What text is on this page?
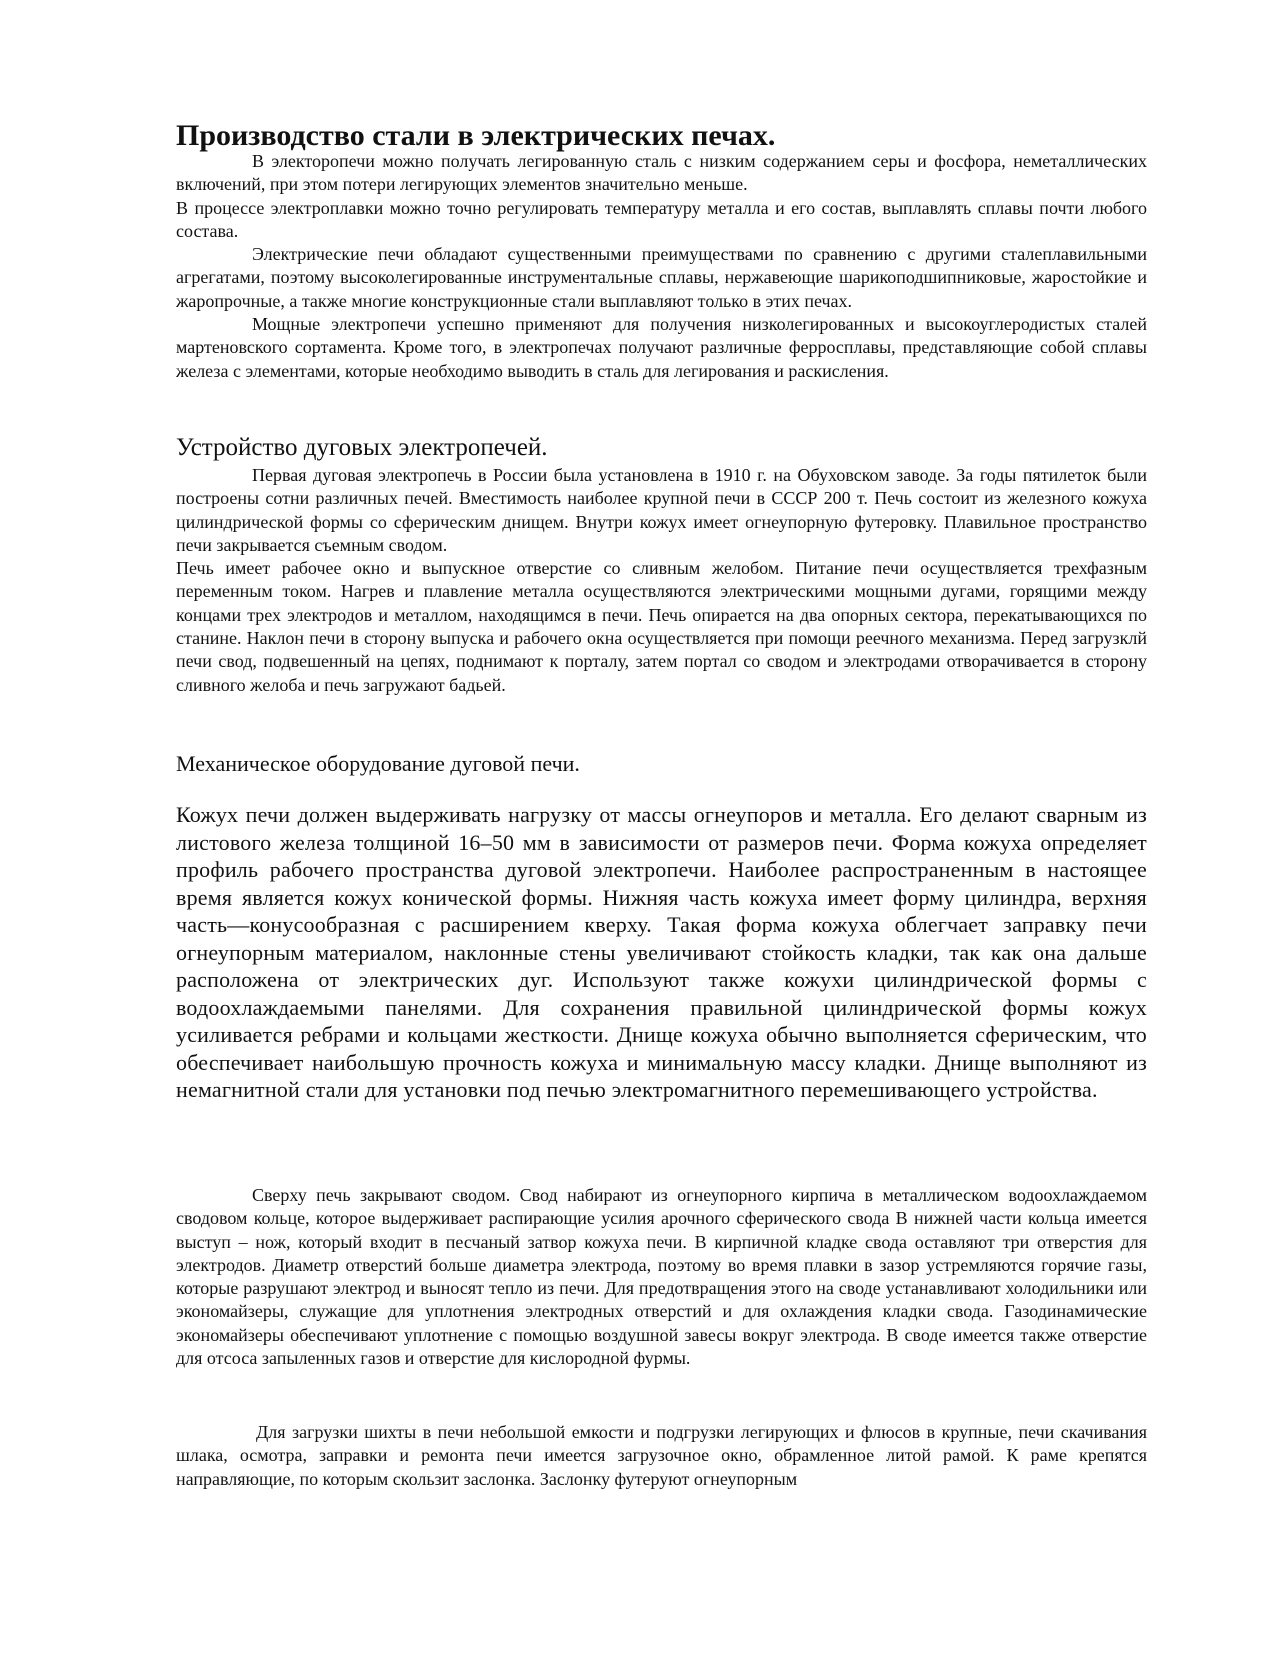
Производство стали в электрических печах.

В электоропечи можно получать легированную сталь с низким содержанием серы и фосфора, неметаллических включений, при этом потери легирующих элементов значительно меньше.

В процессе электроплавки можно точно регулировать температуру металла и его состав, выплавлять сплавы почти любого состава.

Электрические печи обладают существенными преимуществами по сравнению с другими сталеплавильными агрегатами, поэтому высоколегированные инструментальные сплавы, нержавеющие шарикоподшипниковые, жаростойкие и жаропрочные, а также многие конструкционные стали выплавляют только в этих печах.

Мощные электропечи успешно применяют для получения низколегированных и высокоуглеродистых сталей мартеновского сортамента. Кроме того, в электропечах получают различные ферросплавы, представляющие собой сплавы железа с элементами, которые необходимо выводить в сталь для легирования и раскисления.

Устройство дуговых электропечей.

Первая дуговая электропечь в России была установлена в 1910 г. на Обуховском заводе. За годы пятилеток были построены сотни различных печей. Вместимость наиболее крупной печи в СССР 200 т. Печь состоит из железного кожуха цилиндрической формы со сферическим днищем. Внутри кожух имеет огнеупорную футеровку. Плавильное пространство печи закрывается съемным сводом.

Печь имеет рабочее окно и выпускное отверстие со сливным желобом. Питание печи осуществляется трехфазным переменным током. Нагрев и плавление металла осуществляются электрическими мощными дугами, горящими между концами трех электродов и металлом, находящимся в печи. Печь опирается на два опорных сектора, перекатывающихся по станине. Наклон печи в сторону выпуска и рабочего окна осуществляется при помощи реечного механизма. Перед загрузклй печи свод, подвешенный на цепях, поднимают к порталу, затем портал со сводом и электродами отворачивается в сторону сливного желоба и печь загружают бадьей.

Механическое оборудование дуговой печи.

Кожух печи должен выдерживать нагрузку от массы огнеупоров и металла. Его делают сварным из листового железа толщиной 16–50 мм в зависимости от размеров печи. Форма кожуха определяет профиль рабочего пространства дуговой электропечи. Наиболее распространенным в настоящее время является кожух конической формы. Нижняя часть кожуха имеет форму цилиндра, верхняя часть—конусообразная с расширением кверху. Такая форма кожуха облегчает заправку печи огнеупорным материалом, наклонные стены увеличивают стойкость кладки, так как она дальше расположена от электрических дуг. Используют также кожухи цилиндрической формы с водоохлаждаемыми панелями. Для сохранения правильной цилиндрической формы кожух усиливается ребрами и кольцами жесткости. Днище кожуха обычно выполняется сферическим, что обеспечивает наибольшую прочность кожуха и минимальную массу кладки. Днище выполняют из немагнитной стали для установки под печью электромагнитного перемешивающего устройства.

Сверху печь закрывают сводом. Свод набирают из огнеупорного кирпича в металлическом водоохлаждаемом сводовом кольце, которое выдерживает распирающие усилия арочного сферического свода В нижней части кольца имеется выступ – нож, который входит в песчаный затвор кожуха печи. В кирпичной кладке свода оставляют три отверстия для электродов. Диаметр отверстий больше диаметра электрода, поэтому во время плавки в зазор устремляются горячие газы, которые разрушают электрод и выносят тепло из печи. Для предотвращения этого на своде устанавливают холодильники или экономайзеры, служащие для уплотнения электродных отверстий и для охлаждения кладки свода. Газодинамические экономайзеры обеспечивают уплотнение с помощью воздушной завесы вокруг электрода. В своде имеется также отверстие для отсоса запыленных газов и отверстие для кислородной фурмы.

Для загрузки шихты в печи небольшой емкости и подгрузки легирующих и флюсов в крупные, печи скачивания шлака, осмотра, заправки и ремонта печи имеется загрузочное окно, обрамленное литой рамой. К раме крепятся направляющие, по которым скользит заслонка. Заслонку футеруют огнеупорным
